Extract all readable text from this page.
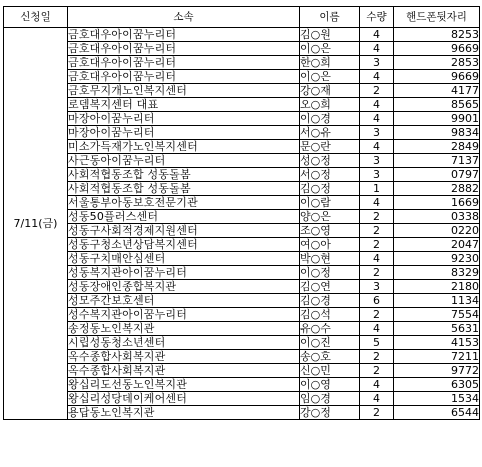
신청일	소속	이름	수량	핸드폰뒷자리
7/11(금)	금호대우아이꿈누리터	김○원	4	8253
	금호대우아이꿈누리터	이○은	4	9669
	금호대우아이꿈누리터	한○희	3	2853
	금호대우아이꿈누리터	이○은	4	9669
	금호무지개노인복지센터	강○재	2	4177
	로뎀복지센터 대표	오○희	4	8565
	마장아이꿈누리터	이○경	4	9901
	마장아이꿈누리터	서○유	3	9834
	미소가득재가노인복지센터	문○란	4	2849
	사근동아이꿈누리터	성○정	3	7137
	사회적협동조합 성동돌봄	서○정	3	0797
	사회적협동조합 성동돌봄	김○정	1	2882
	서울통부아동보호전문기관	이○람	4	1669
	성동50플러스센터	양○은	2	0338
	성동구사회적경제지원센터	조○영	2	0220
	성동구청소년상담복지센터	여○아	2	2047
	성동구치매안심센터	박○현	4	9230
	성동복지관아이꿈누리터	이○정	2	8329
	성동장애인종합복지관	김○연	3	2180
	성모주간보호센터	김○경	6	1134
	성수복지관아이꿈누리터	김○석	2	7554
	송정동노인복지관	유○수	4	5631
	시립성동청소년센터	이○진	5	4153
	옥수종합사회복지관	송○호	2	7211
	옥수종합사회복지관	신○민	2	9772
	왕십리도선동노인복지관	이○영	4	6305
	왕십리성당데이케어센터	임○경	4	1534
	용답동노인복지관	강○정	2	6544
